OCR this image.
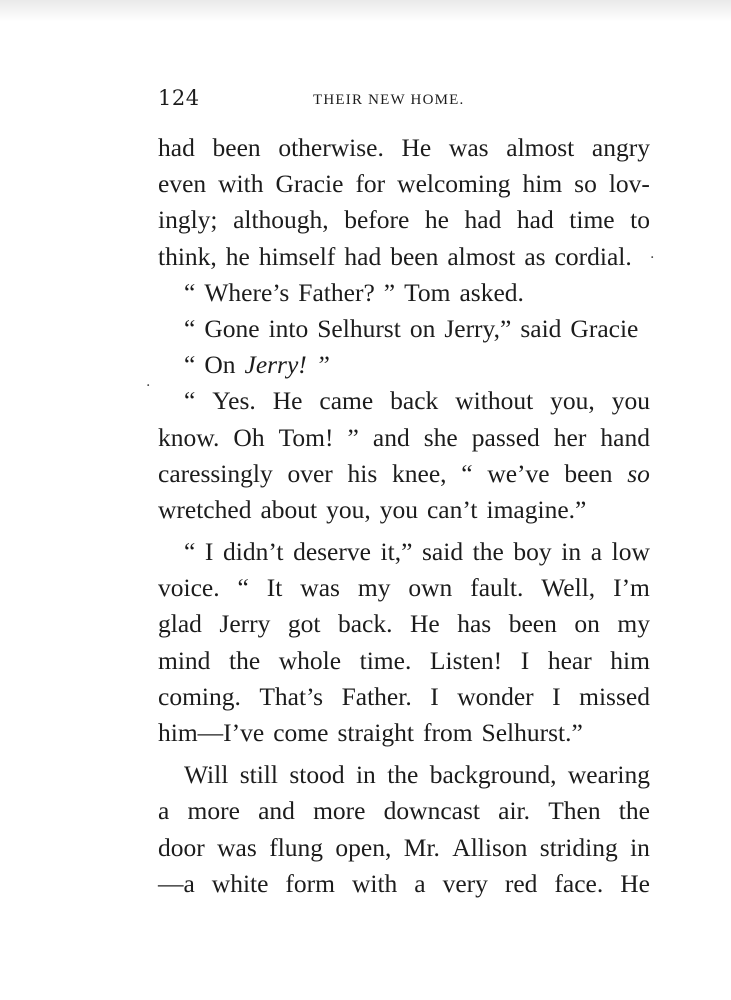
124	THEIR NEW HOME.
had been otherwise. He was almost angry
even with Gracie for welcoming him so lov-
ingly; although, before he had had time to
think, he himself had been almost as cordial.
“ Where’s Father? ” Tom asked.
“ Gone into Selhurst on Jerry,” said Gracie
“ On Jerry! ”
“ Yes. He came back without you, you
know. Oh Tom! ” and she passed her hand
caressingly over his knee, “ we’ve been so
wretched about you, you can’t imagine.”
“ I didn’t deserve it,” said the boy in a low
voice. “ It was my own fault. Well, I’m
glad Jerry got back. He has been on my
mind the whole time. Listen! I hear him
coming. That’s Father. I wonder I missed
him—I’ve come straight from Selhurst.”
Will still stood in the background, wearing
a more and more downcast air. Then the
door was flung open, Mr. Allison striding in
—a white form with a very red face. He
·
·
